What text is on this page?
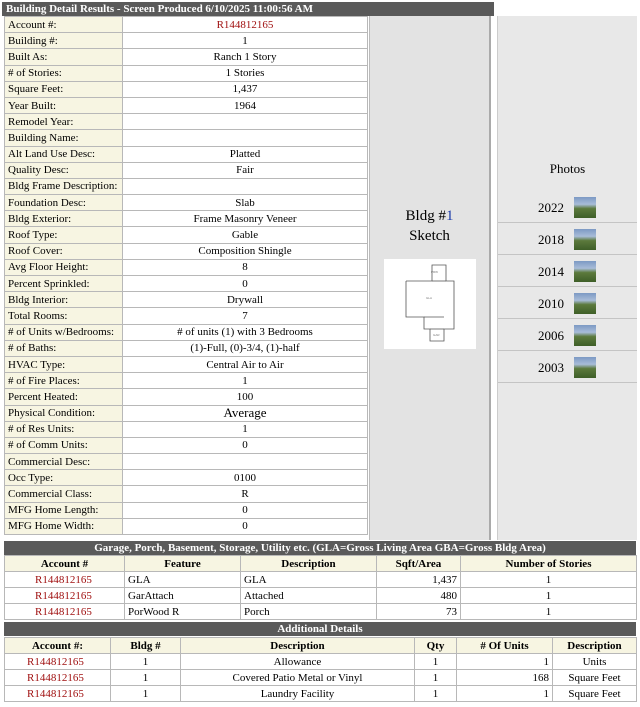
Building Detail Results - Screen Produced 6/10/2025 11:00:56 AM
Account #:	R144812165
Building #:	1
Built As:	Ranch 1 Story
# of Stories:	1 Stories
Square Feet:	1,437
Year Built:	1964
Remodel Year:	
Building Name:	
Alt Land Use Desc:	Platted
Quality Desc:	Fair
Bldg Frame Description:	
Foundation Desc:	Slab
Bldg Exterior:	Frame Masonry Veneer
Roof Type:	Gable
Roof Cover:	Composition Shingle
Avg Floor Height:	8
Percent Sprinkled:	0
Bldg Interior:	Drywall
Total Rooms:	7
# of Units w/Bedrooms:	# of units (1) with 3 Bedrooms
# of Baths:	(1)-Full, (0)-3/4, (1)-half
HVAC Type:	Central Air to Air
# of Fire Places:	1
Percent Heated:	100
Physical Condition:	Average
# of Res Units:	1
# of Comm Units:	0
Commercial Desc:	
Occ Type:	0100
Commercial Class:	R
MFG Home Length:	0
MFG Home Width:	0
Bldg #1
Sketch
PRW
GLA
GAR
Photos
2022
2018
2014
2010
2006
2003
Garage, Porch, Basement, Storage, Utility etc. (GLA=Gross Living Area GBA=Gross Bldg Area)
Account #	Feature	Description	Sqft/Area	Number of Stories
R144812165	GLA	GLA	1,437	1
R144812165	GarAttach	Attached	480	1
R144812165	PorWood R	Porch	73	1
Additional Details
Account #:	Bldg #	Description	Qty	# Of Units	Description
R144812165	1	Allowance	1	1	Units
R144812165	1	Covered Patio Metal or Vinyl	1	168	Square Feet
R144812165	1	Laundry Facility	1	1	Square Feet
